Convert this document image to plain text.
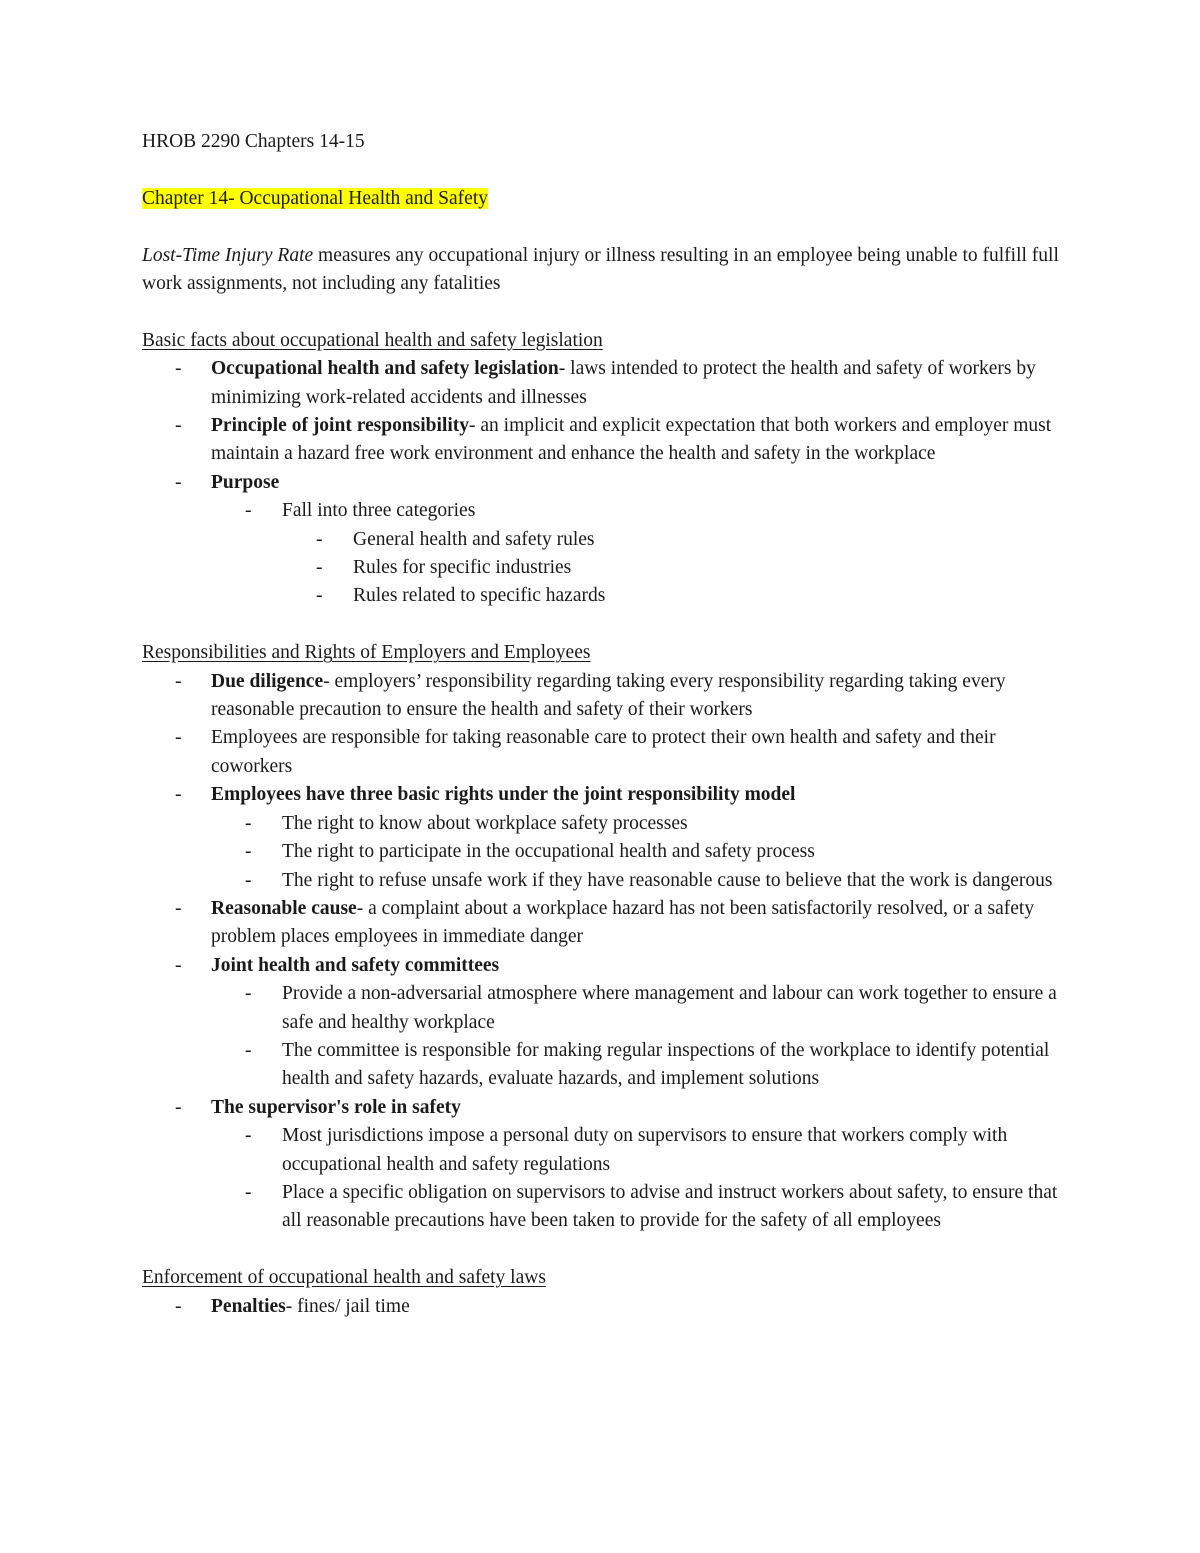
HROB 2290 Chapters 14-15
Chapter 14- Occupational Health and Safety
Lost-Time Injury Rate measures any occupational injury or illness resulting in an employee being unable to fulfill full work assignments, not including any fatalities
Basic facts about occupational health and safety legislation
- Occupational health and safety legislation- laws intended to protect the health and safety of workers by minimizing work-related accidents and illnesses
- Principle of joint responsibility- an implicit and explicit expectation that both workers and employer must maintain a hazard free work environment and enhance the health and safety in the workplace
- Purpose
- Fall into three categories
- General health and safety rules
- Rules for specific industries
- Rules related to specific hazards
Responsibilities and Rights of Employers and Employees
- Due diligence- employers’ responsibility regarding taking every responsibility regarding taking every reasonable precaution to ensure the health and safety of their workers
- Employees are responsible for taking reasonable care to protect their own health and safety and their coworkers
- Employees have three basic rights under the joint responsibility model
- The right to know about workplace safety processes
- The right to participate in the occupational health and safety process
- The right to refuse unsafe work if they have reasonable cause to believe that the work is dangerous
- Reasonable cause- a complaint about a workplace hazard has not been satisfactorily resolved, or a safety problem places employees in immediate danger
- Joint health and safety committees
- Provide a non-adversarial atmosphere where management and labour can work together to ensure a safe and healthy workplace
- The committee is responsible for making regular inspections of the workplace to identify potential health and safety hazards, evaluate hazards, and implement solutions
- The supervisor's role in safety
- Most jurisdictions impose a personal duty on supervisors to ensure that workers comply with occupational health and safety regulations
- Place a specific obligation on supervisors to advise and instruct workers about safety, to ensure that all reasonable precautions have been taken to provide for the safety of all employees
Enforcement of occupational health and safety laws
- Penalties- fines/ jail time
